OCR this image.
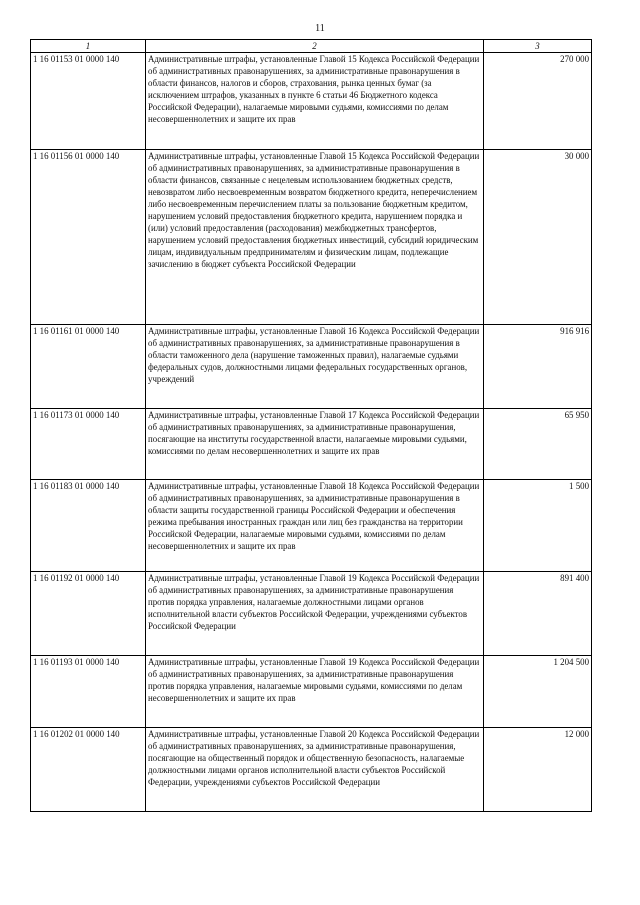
11
1	2	3
1 16 01153 01 0000 140	Административные штрафы, установленные Главой 15 Кодекса Российской Федерации об административных правонарушениях, за административные правонарушения в области финансов, налогов и сборов, страхования, рынка ценных бумаг (за исключением штрафов, указанных в пункте 6 статьи 46 Бюджетного кодекса Российской Федерации), налагаемые мировыми судьями, комиссиями по делам несовершеннолетних и защите их прав	270 000
1 16 01156 01 0000 140	Административные штрафы, установленные Главой 15 Кодекса Российской Федерации об административных правонарушениях, за административные правонарушения в области финансов, связанные с нецелевым использованием бюджетных средств, невозвратом либо несвоевременным возвратом бюджетного кредита, неперечислением либо несвоевременным перечислением платы за пользование бюджетным кредитом, нарушением условий предоставления бюджетного кредита, нарушением порядка и (или) условий предоставления (расходования) межбюджетных трансфертов, нарушением условий предоставления бюджетных инвестиций, субсидий юридическим лицам, индивидуальным предпринимателям и физическим лицам, подлежащие зачислению в бюджет субъекта Российской Федерации	30 000
1 16 01161 01 0000 140	Административные штрафы, установленные Главой 16 Кодекса Российской Федерации об административных правонарушениях, за административные правонарушения в области таможенного дела (нарушение таможенных правил), налагаемые судьями федеральных судов, должностными лицами федеральных государственных органов, учреждений	916 916
1 16 01173 01 0000 140	Административные штрафы, установленные Главой 17 Кодекса Российской Федерации об административных правонарушениях, за административные правонарушения, посягающие на институты государственной власти, налагаемые мировыми судьями, комиссиями по делам несовершеннолетних и защите их прав	65 950
1 16 01183 01 0000 140	Административные штрафы, установленные Главой 18 Кодекса Российской Федерации об административных правонарушениях, за административные правонарушения в области защиты государственной границы Российской Федерации и обеспечения режима пребывания иностранных граждан или лиц без гражданства на территории Российской Федерации, налагаемые мировыми судьями, комиссиями по делам несовершеннолетних и защите их прав	1 500
1 16 01192 01 0000 140	Административные штрафы, установленные Главой 19 Кодекса Российской Федерации об административных правонарушениях, за административные правонарушения против порядка управления, налагаемые должностными лицами органов исполнительной власти субъектов Российской Федерации, учреждениями субъектов Российской Федерации	891 400
1 16 01193 01 0000 140	Административные штрафы, установленные Главой 19 Кодекса Российской Федерации об административных правонарушениях, за административные правонарушения против порядка управления, налагаемые мировыми судьями, комиссиями по делам несовершеннолетних и защите их прав	1 204 500
1 16 01202 01 0000 140	Административные штрафы, установленные Главой 20 Кодекса Российской Федерации об административных правонарушениях, за административные правонарушения, посягающие на общественный порядок и общественную безопасность, налагаемые должностными лицами органов исполнительной власти субъектов Российской Федерации, учреждениями субъектов Российской Федерации	12 000
